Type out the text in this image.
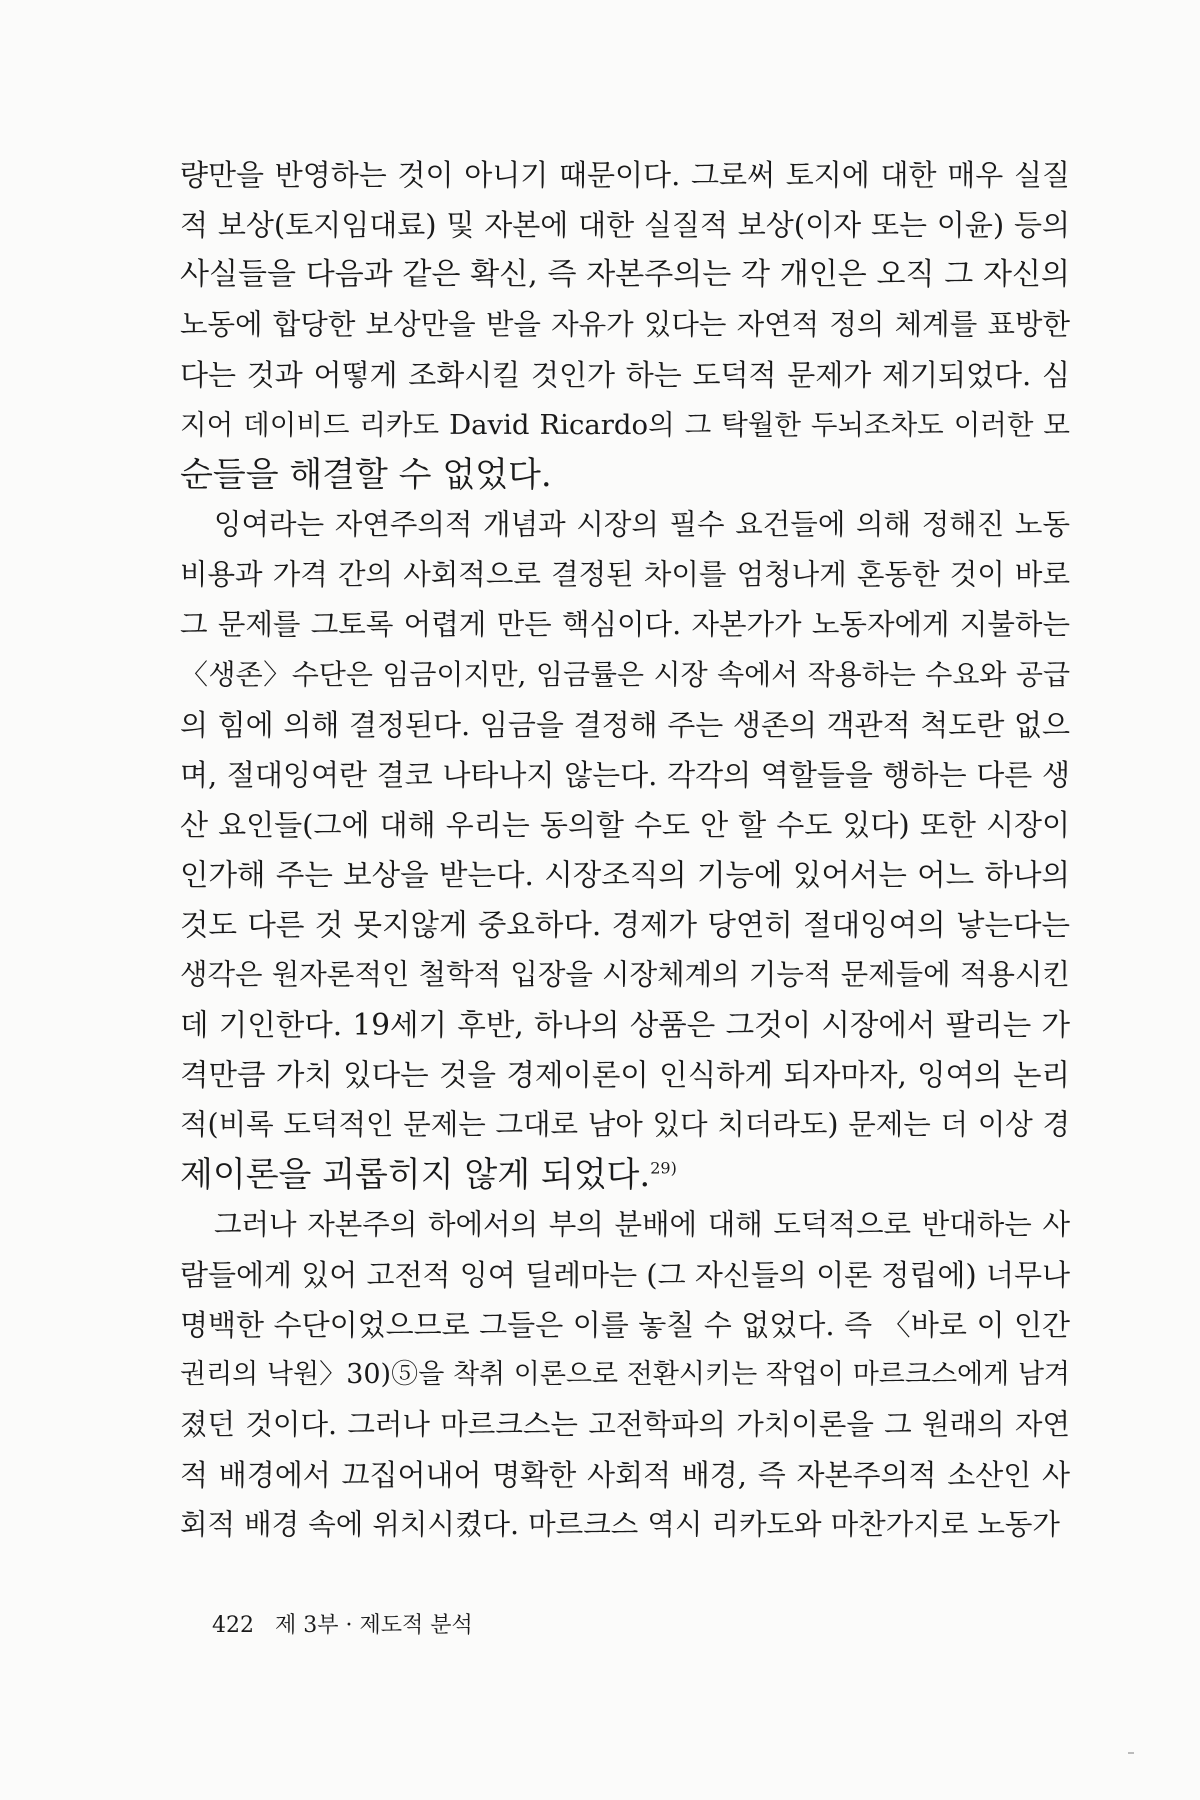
량만을 반영하는 것이 아니기 때문이다. 그로써 토지에 대한 매우 실질
적 보상(토지임대료) 및 자본에 대한 실질적 보상(이자 또는 이윤) 등의
사실들을 다음과 같은 확신, 즉 자본주의는 각 개인은 오직 그 자신의
노동에 합당한 보상만을 받을 자유가 있다는 자연적 정의 체계를 표방한
다는 것과 어떻게 조화시킬 것인가 하는 도덕적 문제가 제기되었다. 심
지어 데이비드 리카도 David Ricardo의 그 탁월한 두뇌조차도 이러한 모
순들을 해결할 수 없었다.
잉여라는 자연주의적 개념과 시장의 필수 요건들에 의해 정해진 노동
비용과 가격 간의 사회적으로 결정된 차이를 엄청나게 혼동한 것이 바로
그 문제를 그토록 어렵게 만든 핵심이다. 자본가가 노동자에게 지불하는
〈생존〉수단은 임금이지만, 임금률은 시장 속에서 작용하는 수요와 공급
의 힘에 의해 결정된다. 임금을 결정해 주는 생존의 객관적 척도란 없으
며, 절대잉여란 결코 나타나지 않는다. 각각의 역할들을 행하는 다른 생
산 요인들(그에 대해 우리는 동의할 수도 안 할 수도 있다) 또한 시장이
인가해 주는 보상을 받는다. 시장조직의 기능에 있어서는 어느 하나의
것도 다른 것 못지않게 중요하다. 경제가 당연히 절대잉여의 낳는다는
생각은 원자론적인 철학적 입장을 시장체계의 기능적 문제들에 적용시킨
데 기인한다. 19세기 후반, 하나의 상품은 그것이 시장에서 팔리는 가
격만큼 가치 있다는 것을 경제이론이 인식하게 되자마자, 잉여의 논리
적(비록 도덕적인 문제는 그대로 남아 있다 치더라도) 문제는 더 이상 경
제이론을 괴롭히지 않게 되었다.$^{29)}$
그러나 자본주의 하에서의 부의 분배에 대해 도덕적으로 반대하는 사
람들에게 있어 고전적 잉여 딜레마는 (그 자신들의 이론 정립에) 너무나
명백한 수단이었으므로 그들은 이를 놓칠 수 없었다. 즉 〈바로 이 인간
권리의 낙원〉30)⑤을 착취 이론으로 전환시키는 작업이 마르크스에게 남겨
졌던 것이다. 그러나 마르크스는 고전학파의 가치이론을 그 원래의 자연
적 배경에서 끄집어내어 명확한 사회적 배경, 즉 자본주의적 소산인 사
회적 배경 속에 위치시켰다. 마르크스 역시 리카도와 마찬가지로 노동가
422 제 3부 · 제도적 분석
